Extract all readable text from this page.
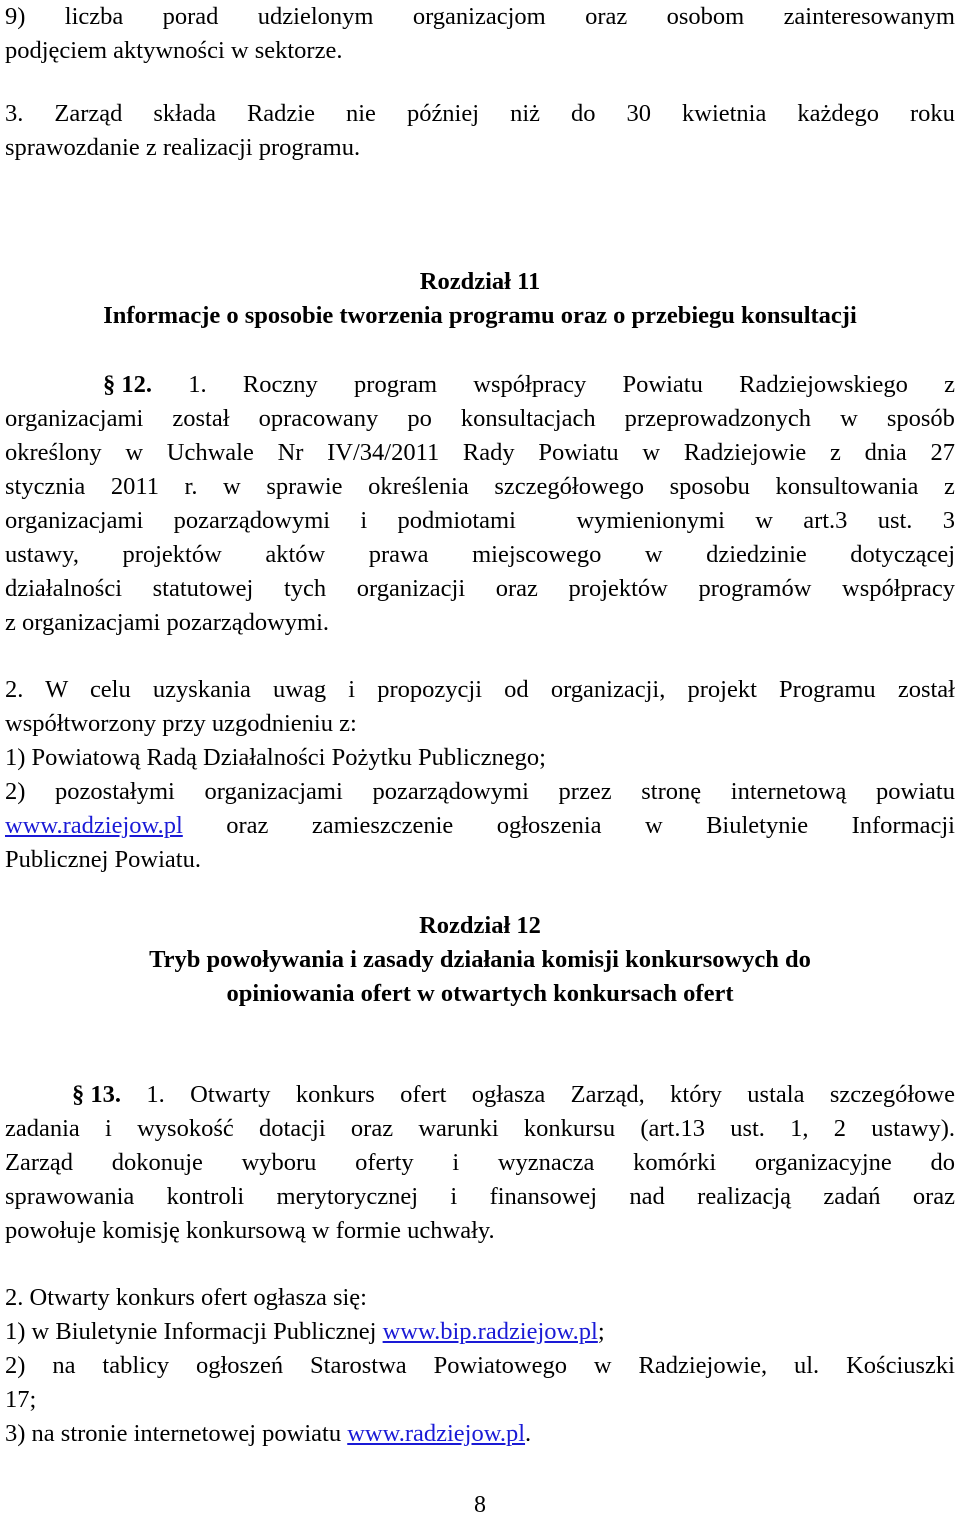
9) liczba porad udzielonym organizacjom oraz osobom zainteresowanym
podjęciem aktywności w sektorze.
3. Zarząd składa Radzie nie później niż do 30 kwietnia każdego roku
sprawozdanie z realizacji programu.
Rozdział 11
Informacje o sposobie tworzenia programu oraz o przebiegu konsultacji
§ 12. 1. Roczny program współpracy Powiatu Radziejowskiego z
organizacjami został opracowany po konsultacjach przeprowadzonych w sposób
określony w Uchwale Nr IV/34/2011 Rady Powiatu w Radziejowie z dnia 27
stycznia 2011 r. w sprawie określenia szczegółowego sposobu konsultowania z
organizacjami pozarządowymi i podmiotami  wymienionymi w art.3 ust. 3
ustawy, projektów aktów prawa miejscowego w dziedzinie dotyczącej
działalności statutowej tych organizacji oraz projektów programów współpracy
z organizacjami pozarządowymi.
2. W celu uzyskania uwag i propozycji od organizacji, projekt Programu został
współtworzony przy uzgodnieniu z:
1) Powiatową Radą Działalności Pożytku Publicznego;
2) pozostałymi organizacjami pozarządowymi przez stronę internetową powiatu
www.radziejow.pl oraz zamieszczenie ogłoszenia w Biuletynie Informacji
Publicznej Powiatu.
Rozdział 12
Tryb powoływania i zasady działania komisji konkursowych do
opiniowania ofert w otwartych konkursach ofert
§ 13. 1. Otwarty konkurs ofert ogłasza Zarząd, który ustala szczegółowe
zadania i wysokość dotacji oraz warunki konkursu (art.13 ust. 1, 2 ustawy).
Zarząd dokonuje wyboru oferty i wyznacza komórki organizacyjne do
sprawowania kontroli merytorycznej i finansowej nad realizacją zadań oraz
powołuje komisję konkursową w formie uchwały.
2. Otwarty konkurs ofert ogłasza się:
1) w Biuletynie Informacji Publicznej www.bip.radziejow.pl ;
2) na tablicy ogłoszeń Starostwa Powiatowego w Radziejowie, ul. Kościuszki
17;
3) na stronie internetowej powiatu www.radziejow.pl .
8
